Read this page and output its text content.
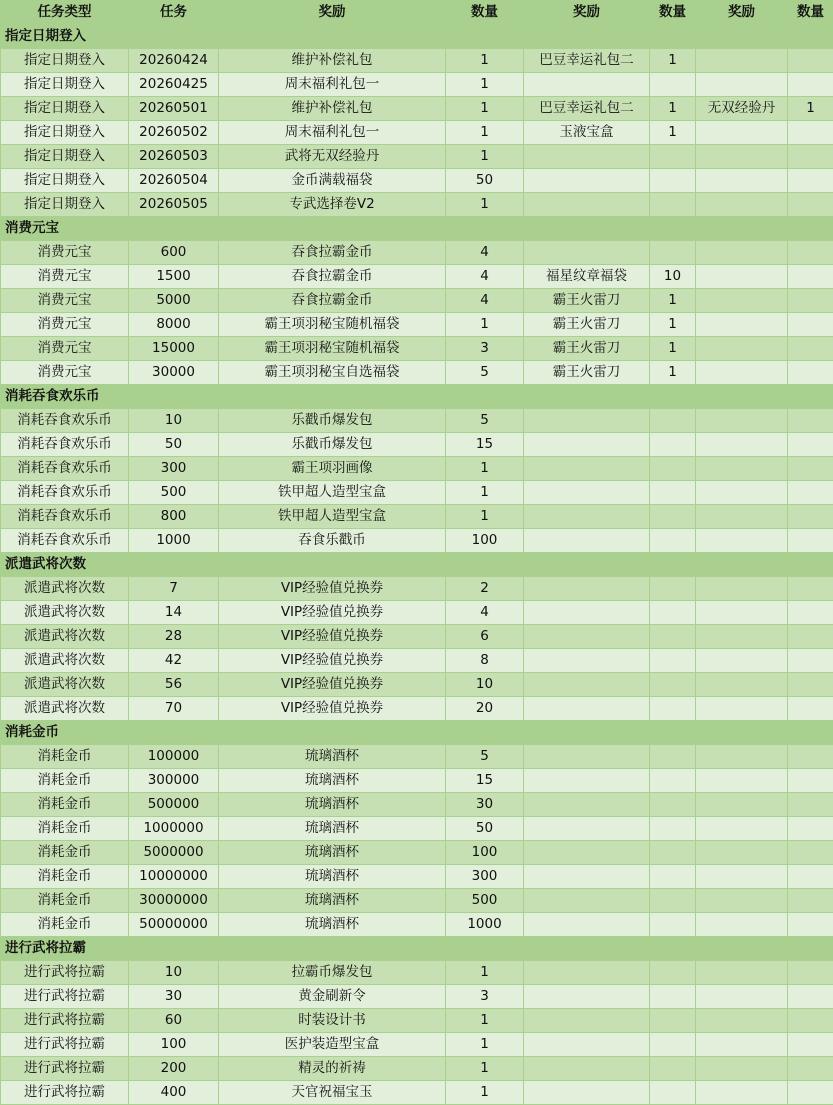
任务类型	任务	奖励	数量	奖励	数量	奖励	数量
指定日期登入							
指定日期登入	20260424	维护补偿礼包	1	巴豆幸运礼包二	1		
指定日期登入	20260425	周末福利礼包一	1				
指定日期登入	20260501	维护补偿礼包	1	巴豆幸运礼包二	1	无双经验丹	1
指定日期登入	20260502	周末福利礼包一	1	玉液宝盒	1		
指定日期登入	20260503	武将无双经验丹	1				
指定日期登入	20260504	金币满载福袋	50				
指定日期登入	20260505	专武选择卷V2	1				
消费元宝							
消费元宝	600	吞食拉霸金币	4				
消费元宝	1500	吞食拉霸金币	4	福星纹章福袋	10		
消费元宝	5000	吞食拉霸金币	4	霸王火雷刀	1		
消费元宝	8000	霸王项羽秘宝随机福袋	1	霸王火雷刀	1		
消费元宝	15000	霸王项羽秘宝随机福袋	3	霸王火雷刀	1		
消费元宝	30000	霸王项羽秘宝自选福袋	5	霸王火雷刀	1		
消耗吞食欢乐币							
消耗吞食欢乐币	10	乐戳币爆发包	5				
消耗吞食欢乐币	50	乐戳币爆发包	15				
消耗吞食欢乐币	300	霸王项羽画像	1				
消耗吞食欢乐币	500	铁甲超人造型宝盒	1				
消耗吞食欢乐币	800	铁甲超人造型宝盒	1				
消耗吞食欢乐币	1000	吞食乐戳币	100				
派遣武将次数							
派遣武将次数	7	VIP经验值兑换券	2				
派遣武将次数	14	VIP经验值兑换券	4				
派遣武将次数	28	VIP经验值兑换券	6				
派遣武将次数	42	VIP经验值兑换券	8				
派遣武将次数	56	VIP经验值兑换券	10				
派遣武将次数	70	VIP经验值兑换券	20				
消耗金币							
消耗金币	100000	琉璃酒杯	5				
消耗金币	300000	琉璃酒杯	15				
消耗金币	500000	琉璃酒杯	30				
消耗金币	1000000	琉璃酒杯	50				
消耗金币	5000000	琉璃酒杯	100				
消耗金币	10000000	琉璃酒杯	300				
消耗金币	30000000	琉璃酒杯	500				
消耗金币	50000000	琉璃酒杯	1000				
进行武将拉霸							
进行武将拉霸	10	拉霸币爆发包	1				
进行武将拉霸	30	黄金刷新令	3				
进行武将拉霸	60	时装设计书	1				
进行武将拉霸	100	医护装造型宝盒	1				
进行武将拉霸	200	精灵的祈祷	1				
进行武将拉霸	400	天官祝福宝玉	1				
